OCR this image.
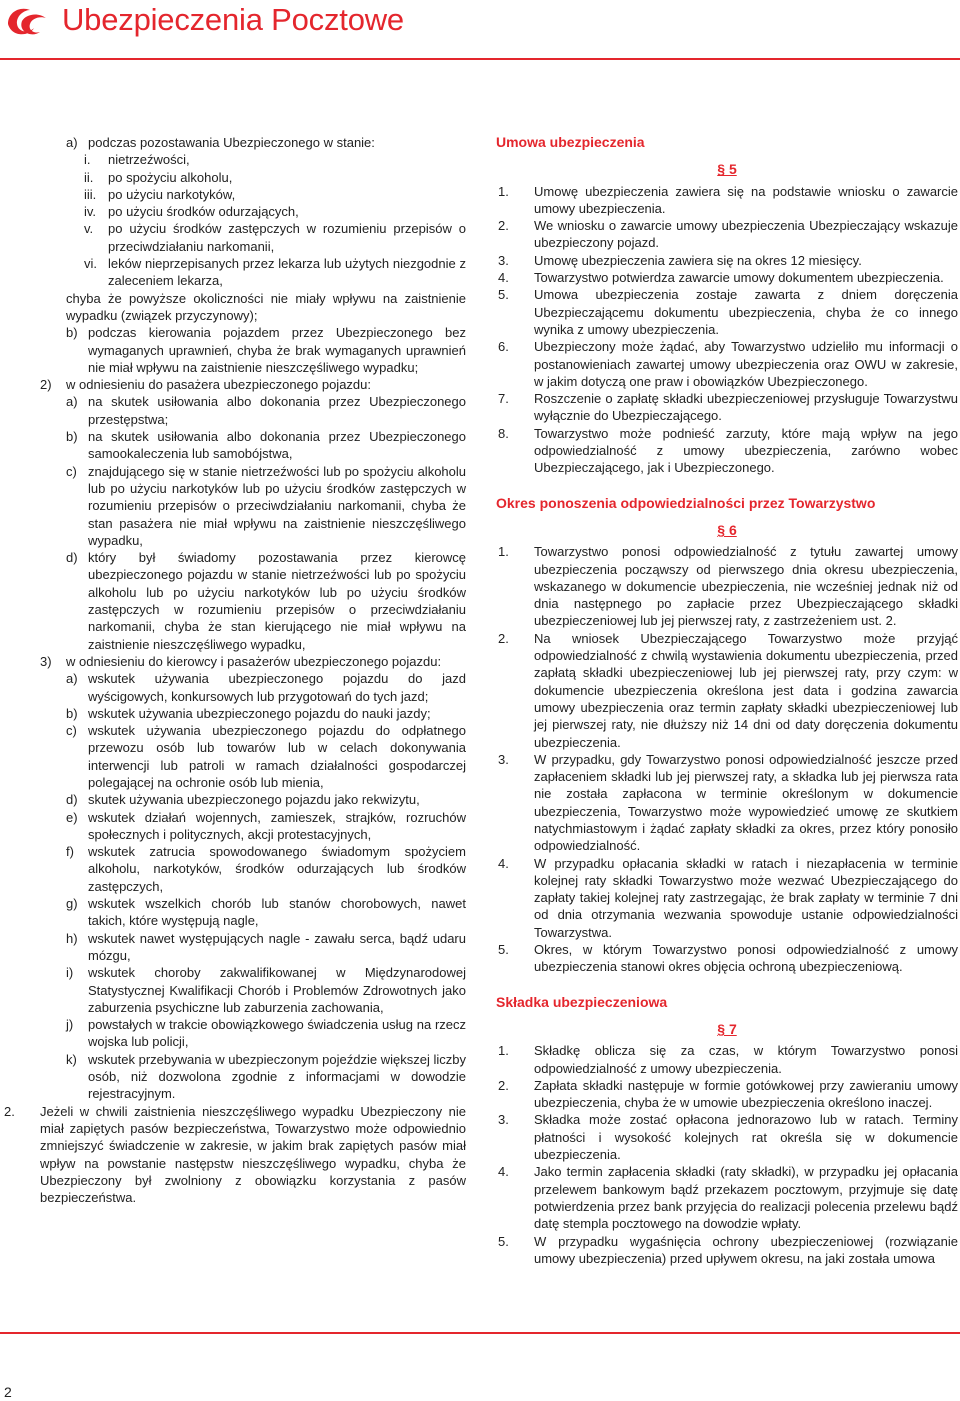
Ubezpieczenia Pocztowe
a) podczas pozostawania Ubezpieczonego w stanie:
i. nietrzeźwości,
ii. po spożyciu alkoholu,
iii. po użyciu narkotyków,
iv. po użyciu środków odurzających,
v. po użyciu środków zastępczych w rozumieniu przepisów o przeciwdziałaniu narkomanii,
vi. leków nieprzepisanych przez lekarza lub użytych niezgodnie z zaleceniem lekarza,
chyba że powyższe okoliczności nie miały wpływu na zaistnienie wypadku (związek przyczynowy);
b) podczas kierowania pojazdem przez Ubezpieczonego bez wymaganych uprawnień, chyba że brak wymaganych uprawnień nie miał wpływu na zaistnienie nieszczęśliwego wypadku;
2) w odniesieniu do pasażera ubezpieczonego pojazdu:
a) na skutek usiłowania albo dokonania przez Ubezpieczonego przestępstwa;
b) na skutek usiłowania albo dokonania przez Ubezpieczonego samookaleczenia lub samobójstwa,
c) znajdującego się w stanie nietrzeźwości lub po spożyciu alkoholu lub po użyciu narkotyków lub po użyciu środków zastępczych w rozumieniu przepisów o przeciwdziałaniu narkomanii, chyba że stan pasażera nie miał wpływu na zaistnienie nieszczęśliwego wypadku,
d) który był świadomy pozostawania przez kierowcę ubezpieczonego pojazdu w stanie nietrzeźwości lub po spożyciu alkoholu lub po użyciu narkotyków lub po użyciu środków zastępczych w rozumieniu przepisów o przeciwdziałaniu narkomanii, chyba że stan kierującego nie miał wpływu na zaistnienie nieszczęśliwego wypadku,
3) w odniesieniu do kierowcy i pasażerów ubezpieczonego pojazdu:
a) wskutek używania ubezpieczonego pojazdu do jazd wyścigowych, konkursowych lub przygotowań do tych jazd;
b) wskutek używania ubezpieczonego pojazdu do nauki jazdy;
c) wskutek używania ubezpieczonego pojazdu do odpłatnego przewozu osób lub towarów lub w celach dokonywania interwencji lub patroli w ramach działalności gospodarczej polegającej na ochronie osób lub mienia,
d) skutek używania ubezpieczonego pojazdu jako rekwizytu,
e) wskutek działań wojennych, zamieszek, strajków, rozruchów społecznych i politycznych, akcji protestacyjnych,
f) wskutek zatrucia spowodowanego świadomym spożyciem alkoholu, narkotyków, środków odurzających lub środków zastępczych,
g) wskutek wszelkich chorób lub stanów chorobowych, nawet takich, które występują nagle,
h) wskutek nawet występujących nagle - zawału serca, bądź udaru mózgu,
i) wskutek choroby zakwalifikowanej w Międzynarodowej Statystycznej Kwalifikacji Chorób i Problemów Zdrowotnych jako zaburzenia psychiczne lub zaburzenia zachowania,
j) powstałych w trakcie obowiązkowego świadczenia usług na rzecz wojska lub policji,
k) wskutek przebywania w ubezpieczonym pojeździe większej liczby osób, niż dozwolona zgodnie z informacjami w dowodzie rejestracyjnym.
2. Jeżeli w chwili zaistnienia nieszczęśliwego wypadku Ubezpieczony nie miał zapiętych pasów bezpieczeństwa, Towarzystwo może odpowiednio zmniejszyć świadczenie w zakresie, w jakim brak zapiętych pasów miał wpływ na powstanie następstw nieszczęśliwego wypadku, chyba że Ubezpieczony był zwolniony z obowiązku korzystania z pasów bezpieczeństwa.
Umowa ubezpieczenia
§ 5
1. Umowę ubezpieczenia zawiera się na podstawie wniosku o zawarcie umowy ubezpieczenia.
2. We wniosku o zawarcie umowy ubezpieczenia Ubezpieczający wskazuje ubezpieczony pojazd.
3. Umowę ubezpieczenia zawiera się na okres 12 miesięcy.
4. Towarzystwo potwierdza zawarcie umowy dokumentem ubezpieczenia.
5. Umowa ubezpieczenia zostaje zawarta z dniem doręczenia Ubezpieczającemu dokumentu ubezpieczenia, chyba że co innego wynika z umowy ubezpieczenia.
6. Ubezpieczony może żądać, aby Towarzystwo udzieliło mu informacji o postanowieniach zawartej umowy ubezpieczenia oraz OWU w zakresie, w jakim dotyczą one praw i obowiązków Ubezpieczonego.
7. Roszczenie o zapłatę składki ubezpieczeniowej przysługuje Towarzystwu wyłącznie do Ubezpieczającego.
8. Towarzystwo może podnieść zarzuty, które mają wpływ na jego odpowiedzialność z umowy ubezpieczenia, zarówno wobec Ubezpieczającego, jak i Ubezpieczonego.
Okres ponoszenia odpowiedzialności przez Towarzystwo
§ 6
1. Towarzystwo ponosi odpowiedzialność z tytułu zawartej umowy ubezpieczenia począwszy od pierwszego dnia okresu ubezpieczenia, wskazanego w dokumencie ubezpieczenia, nie wcześniej jednak niż od dnia następnego po zapłacie przez Ubezpieczającego składki ubezpieczeniowej lub jej pierwszej raty, z zastrzeżeniem ust. 2.
2. Na wniosek Ubezpieczającego Towarzystwo może przyjąć odpowiedzialność z chwilą wystawienia dokumentu ubezpieczenia, przed zapłatą składki ubezpieczeniowej lub jej pierwszej raty, przy czym: w dokumencie ubezpieczenia określona jest data i godzina zawarcia umowy ubezpieczenia oraz termin zapłaty składki ubezpieczeniowej lub jej pierwszej raty, nie dłuższy niż 14 dni od daty doręczenia dokumentu ubezpieczenia.
3. W przypadku, gdy Towarzystwo ponosi odpowiedzialność jeszcze przed zapłaceniem składki lub jej pierwszej raty, a składka lub jej pierwsza rata nie została zapłacona w terminie określonym w dokumencie ubezpieczenia, Towarzystwo może wypowiedzieć umowę ze skutkiem natychmiastowym i żądać zapłaty składki za okres, przez który ponosiło odpowiedzialność.
4. W przypadku opłacania składki w ratach i niezapłacenia w terminie kolejnej raty składki Towarzystwo może wezwać Ubezpieczającego do zapłaty takiej kolejnej raty zastrzegając, że brak zapłaty w terminie 7 dni od dnia otrzymania wezwania spowoduje ustanie odpowiedzialności Towarzystwa.
5. Okres, w którym Towarzystwo ponosi odpowiedzialność z umowy ubezpieczenia stanowi okres objęcia ochroną ubezpieczeniową.
Składka ubezpieczeniowa
§ 7
1. Składkę oblicza się za czas, w którym Towarzystwo ponosi odpowiedzialność z umowy ubezpieczenia.
2. Zapłata składki następuje w formie gotówkowej przy zawieraniu umowy ubezpieczenia, chyba że w umowie ubezpieczenia określono inaczej.
3. Składka może zostać opłacona jednorazowo lub w ratach. Terminy płatności i wysokość kolejnych rat określa się w dokumencie ubezpieczenia.
4. Jako termin zapłacenia składki (raty składki), w przypadku jej opłacania przelewem bankowym bądź przekazem pocztowym, przyjmuje się datę potwierdzenia przez bank przyjęcia do realizacji polecenia przelewu bądź datę stempla pocztowego na dowodzie wpłaty.
5. W przypadku wygaśnięcia ochrony ubezpieczeniowej (rozwiązanie umowy ubezpieczenia) przed upływem okresu, na jaki została umowa
2
